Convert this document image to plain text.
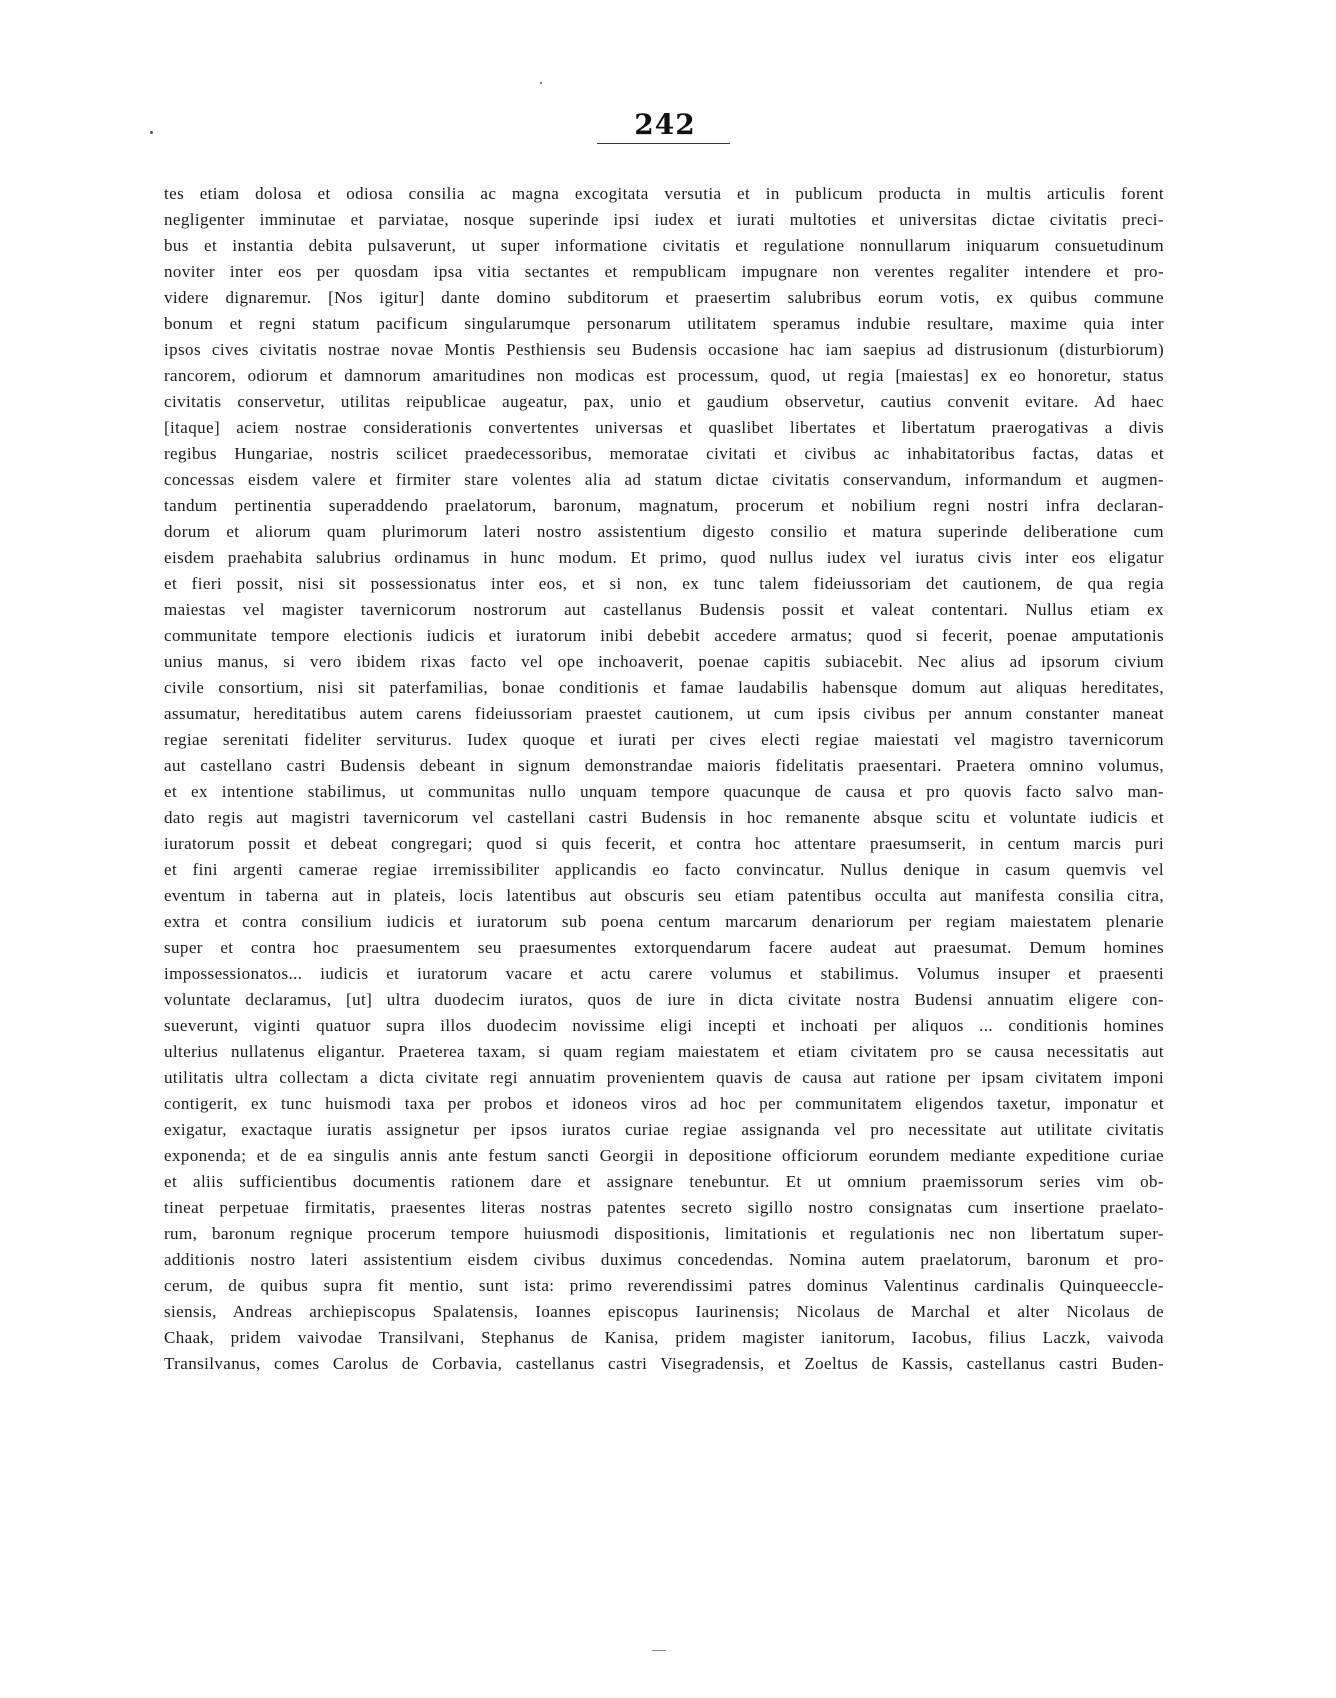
242
tes etiam dolosa et odiosa consilia ac magna excogitata versutia et in publicum producta in multis articulis forent
negligenter imminutae et parviatae, nosque superinde ipsi iudex et iurati multoties et universitas dictae civitatis preci-
bus et instantia debita pulsaverunt, ut super informatione civitatis et regulatione nonnullarum iniquarum consuetudinum
noviter inter eos per quosdam ipsa vitia sectantes et rempublicam impugnare non verentes regaliter intendere et pro-
videre dignaremur. [Nos igitur] dante domino subditorum et praesertim salubribus eorum votis, ex quibus commune
bonum et regni statum pacificum singularumque personarum utilitatem speramus indubie resultare, maxime quia inter
ipsos cives civitatis nostrae novae Montis Pesthiensis seu Budensis occasione hac iam saepius ad distrusionum (disturbiorum)
rancorem, odiorum et damnorum amaritudines non modicas est processum, quod, ut regia [maiestas] ex eo honoretur, status
civitatis conservetur, utilitas reipublicae augeatur, pax, unio et gaudium observetur, cautius convenit evitare. Ad haec
[itaque] aciem nostrae considerationis convertentes universas et quaslibet libertates et libertatum praerogativas a divis
regibus Hungariae, nostris scilicet praedecessoribus, memoratae civitati et civibus ac inhabitatoribus factas, datas et
concessas eisdem valere et firmiter stare volentes alia ad statum dictae civitatis conservandum, informandum et augmen-
tandum pertinentia superaddendo praelatorum, baronum, magnatum, procerum et nobilium regni nostri infra declaran-
dorum et aliorum quam plurimorum lateri nostro assistentium digesto consilio et matura superinde deliberatione cum
eisdem praehabita salubrius ordinamus in hunc modum. Et primo, quod nullus iudex vel iuratus civis inter eos eligatur
et fieri possit, nisi sit possessionatus inter eos, et si non, ex tunc talem fideiussoriam det cautionem, de qua regia
maiestas vel magister tavernicorum nostrorum aut castellanus Budensis possit et valeat contentari. Nullus etiam ex
communitate tempore electionis iudicis et iuratorum inibi debebit accedere armatus; quod si fecerit, poenae amputationis
unius manus, si vero ibidem rixas facto vel ope inchoaverit, poenae capitis subiacebit. Nec alius ad ipsorum civium
civile consortium, nisi sit paterfamilias, bonae conditionis et famae laudabilis habensque domum aut aliquas hereditates,
assumatur, hereditatibus autem carens fideiussoriam praestet cautionem, ut cum ipsis civibus per annum constanter maneat
regiae serenitati fideliter serviturus. Iudex quoque et iurati per cives electi regiae maiestati vel magistro tavernicorum
aut castellano castri Budensis debeant in signum demonstrandae maioris fidelitatis praesentari. Praetera omnino volumus,
et ex intentione stabilimus, ut communitas nullo unquam tempore quacunque de causa et pro quovis facto salvo man-
dato regis aut magistri tavernicorum vel castellani castri Budensis in hoc remanente absque scitu et voluntate iudicis et
iuratorum possit et debeat congregari; quod si quis fecerit, et contra hoc attentare praesumserit, in centum marcis puri
et fini argenti camerae regiae irremissibiliter applicandis eo facto convincatur. Nullus denique in casum quemvis vel
eventum in taberna aut in plateis, locis latentibus aut obscuris seu etiam patentibus occulta aut manifesta consilia citra,
extra et contra consilium iudicis et iuratorum sub poena centum marcarum denariorum per regiam maiestatem plenarie
super et contra hoc praesumentem seu praesumentes extorquendarum facere audeat aut praesumat. Demum homines
impossessionatos... iudicis et iuratorum vacare et actu carere volumus et stabilimus. Volumus insuper et praesenti
voluntate declaramus, [ut] ultra duodecim iuratos, quos de iure in dicta civitate nostra Budensi annuatim eligere con-
sueverunt, viginti quatuor supra illos duodecim novissime eligi incepti et inchoati per aliquos ... conditionis homines
ulterius nullatenus eligantur. Praeterea taxam, si quam regiam maiestatem et etiam civitatem pro se causa necessitatis aut
utilitatis ultra collectam a dicta civitate regi annuatim provenientem quavis de causa aut ratione per ipsam civitatem imponi
contigerit, ex tunc huismodi taxa per probos et idoneos viros ad hoc per communitatem eligendos taxetur, imponatur et
exigatur, exactaque iuratis assignetur per ipsos iuratos curiae regiae assignanda vel pro necessitate aut utilitate civitatis
exponenda; et de ea singulis annis ante festum sancti Georgii in depositione officiorum eorundem mediante expeditione curiae
et aliis sufficientibus documentis rationem dare et assignare tenebuntur. Et ut omnium praemissorum series vim ob-
tineat perpetuae firmitatis, praesentes literas nostras patentes secreto sigillo nostro consignatas cum insertione praelato-
rum, baronum regnique procerum tempore huiusmodi dispositionis, limitationis et regulationis nec non libertatum super-
additionis nostro lateri assistentium eisdem civibus duximus concedendas. Nomina autem praelatorum, baronum et pro-
cerum, de quibus supra fit mentio, sunt ista: primo reverendissimi patres dominus Valentinus cardinalis Quinqueeccle-
siensis, Andreas archiepiscopus Spalatensis, Ioannes episcopus Iaurinensis; Nicolaus de Marchal et alter Nicolaus de
Chaak, pridem vaivodae Transilvani, Stephanus de Kanisa, pridem magister ianitorum, Iacobus, filius Laczk, vaivoda
Transilvanus, comes Carolus de Corbavia, castellanus castri Visegradensis, et Zoeltus de Kassis, castellanus castri Buden-
